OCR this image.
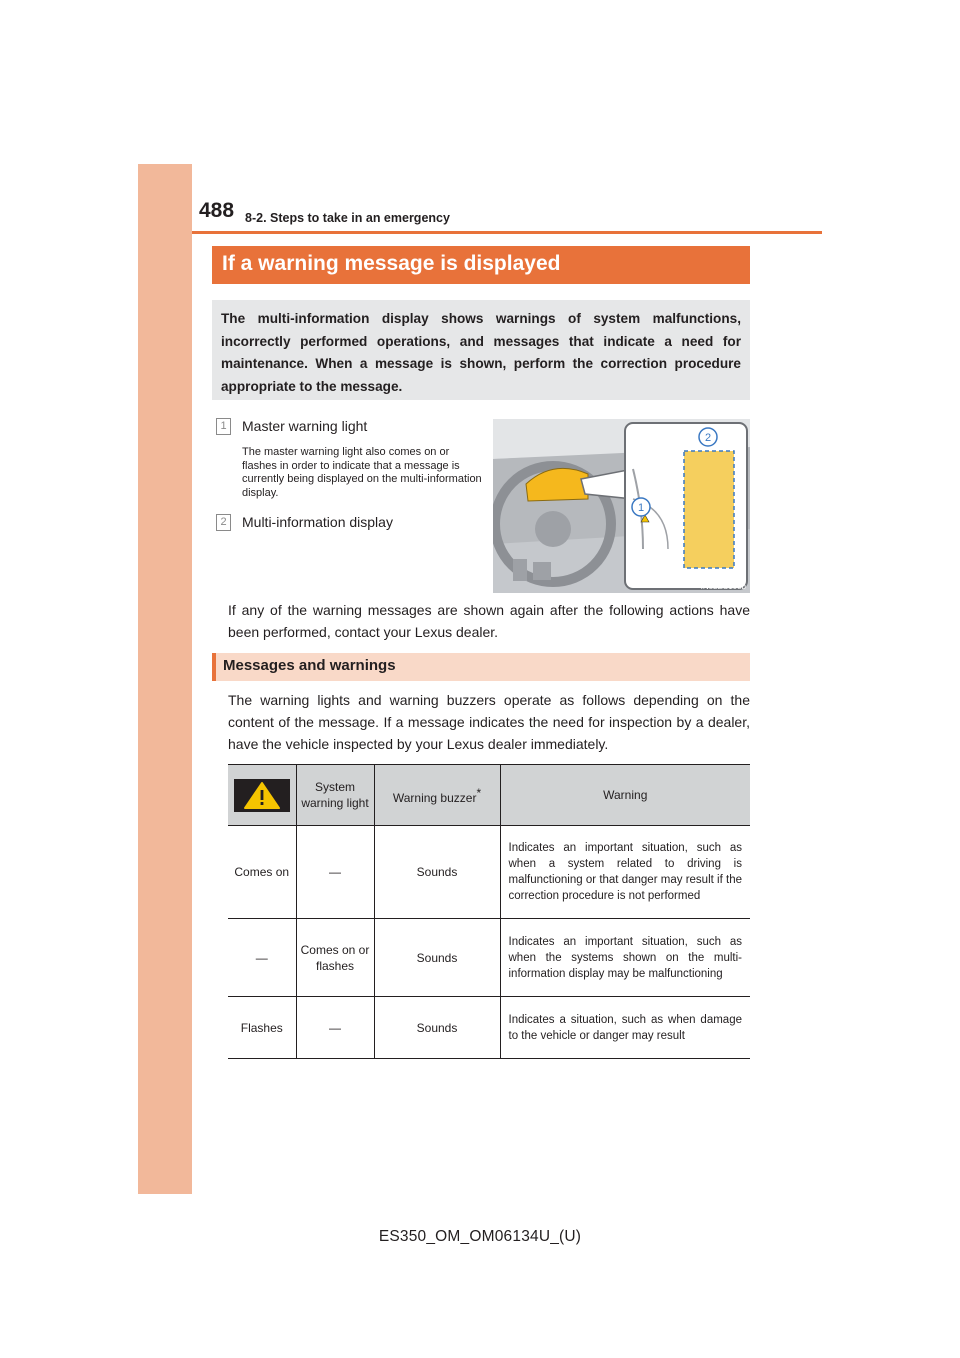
488 8-2. Steps to take in an emergency
If a warning message is displayed
The multi-information display shows warnings of system malfunctions, incorrectly performed operations, and messages that indicate a need for maintenance. When a message is shown, perform the correction procedure appropriate to the message.
1	Master warning light
The master warning light also comes on or flashes in order to indicate that a message is currently being displayed on the multi-information display.
2	Multi-information display
1
2
IN82ES103b
If any of the warning messages are shown again after the following actions have been performed, contact your Lexus dealer.
Messages and warnings
The warning lights and warning buzzers operate as follows depending on the content of the message. If a message indicates the need for inspection by a dealer, have the vehicle inspected by your Lexus dealer immediately.
	System warning light	Warning buzzer*	Warning
Comes on	—	Sounds	Indicates an important situation, such as when a system related to driving is malfunctioning or that danger may result if the correction procedure is not performed
—	Comes on or flashes	Sounds	Indicates an important situation, such as when the systems shown on the multi-information display may be malfunctioning
Flashes	—	Sounds	Indicates a situation, such as when damage to the vehicle or danger may result
ES350_OM_OM06134U_(U)
